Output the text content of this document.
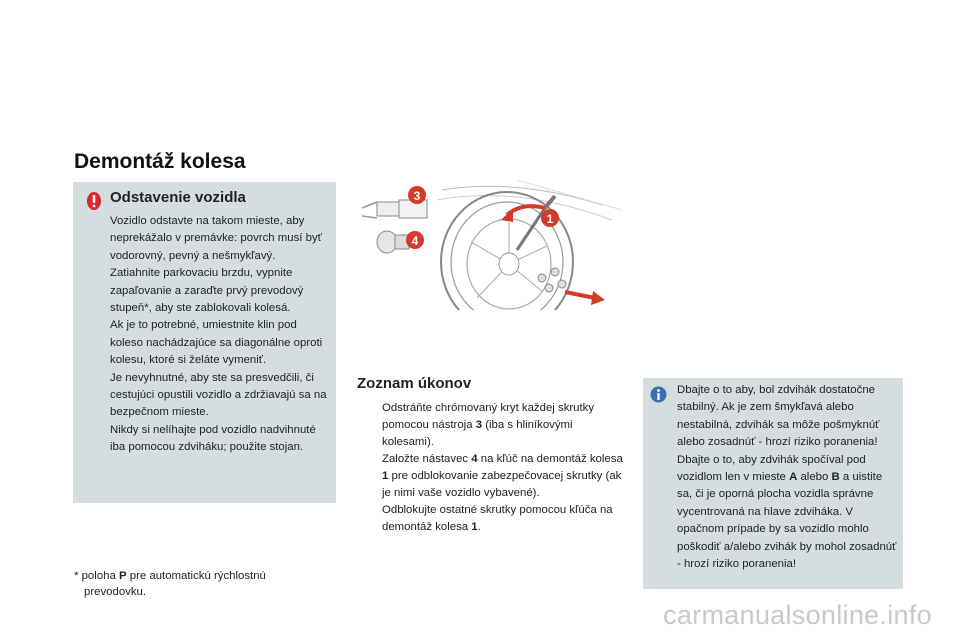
Demontáž kolesa
Odstavenie vozidla

Vozidlo odstavte na takom mieste, aby neprekážalo v premávke: povrch musí byť vodorovný, pevný a nešmykľavý.

Zatiahnite parkovaciu brzdu, vypnite zapaľovanie a zaraďte prvý prevodový stupeň*, aby ste zablokovali kolesá.

Ak je to potrebné, umiestnite klin pod koleso nachádzajúce sa diagonálne oproti kolesu, ktoré si želáte vymeniť.

Je nevyhnutné, aby ste sa presvedčili, či cestujúci opustili vozidlo a zdržiavajú sa na bezpečnom mieste.

Nikdy si nelíhajte pod vozidlo nadvihnuté iba pomocou zdviháku; použite stojan.

3
4
1
Zoznam úkonov
Odstráňte chrómovaný kryt každej skrutky pomocou nástroja 3 (iba s hliníkovými kolesami).
Založte nástavec 4 na kľúč na demontáž kolesa 1 pre odblokovanie zabezpečovacej skrutky (ak je nimi vaše vozidlo vybavené).
Odblokujte ostatné skrutky pomocou kľúča na demontáž kolesa 1.

Dbajte o to aby, bol zdvihák dostatočne stabilný. Ak je zem šmykľavá alebo nestabilná, zdvihák sa môže pošmyknúť alebo zosadnúť - hrozí riziko poranenia!

Dbajte o to, aby zdvihák spočíval pod vozidlom len v mieste A alebo B a uistite sa, či je oporná plocha vozidla správne vycentrovaná na hlave zdviháka. V opačnom prípade by sa vozidlo mohlo poškodiť a/alebo zvihák by mohol zosadnúť - hrozí riziko poranenia!

* poloha P pre automatickú rýchlostnú
prevodovku.
carmanualsonline.info
